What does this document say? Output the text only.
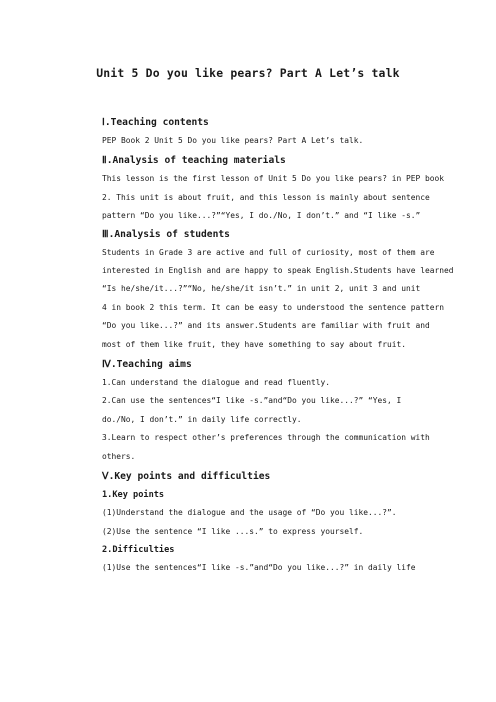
Unit 5 Do you like pears? Part A Let’s talk
Ⅰ.Teaching contents
PEP Book 2 Unit 5 Do you like pears? Part A Let’s talk.
Ⅱ.Analysis of teaching materials
This lesson is the first lesson of Unit 5 Do you like pears? in PEP book
2. This unit is about fruit, and this lesson is mainly about sentence
pattern “Do you like...?”“Yes, I do./No, I don’t.” and “I like -s.”
Ⅲ.Analysis of students
Students in Grade 3 are active and full of curiosity, most of them are
interested in English and are happy to speak English.Students have learned
“Is he/she/it...?”“No, he/she/it isn’t.” in unit 2, unit 3 and unit
4 in book 2 this term. It can be easy to understood the sentence pattern
“Do you like...?” and its answer.Students are familiar with fruit and
most of them like fruit, they have something to say about fruit.
Ⅳ.Teaching aims
1.Can understand the dialogue and read fluently.
2.Can use the sentences“I like -s.”and“Do you like...?” “Yes, I
do./No, I don’t.” in daily life correctly.
3.Learn to respect other’s preferences through the communication with
others.
Ⅴ.Key points and difficulties
1.Key points
(1)Understand the dialogue and the usage of “Do you like...?”.
(2)Use the sentence “I like ...s.” to express yourself.
2.Difficulties
(1)Use the sentences“I like -s.”and“Do you like...?” in daily life
